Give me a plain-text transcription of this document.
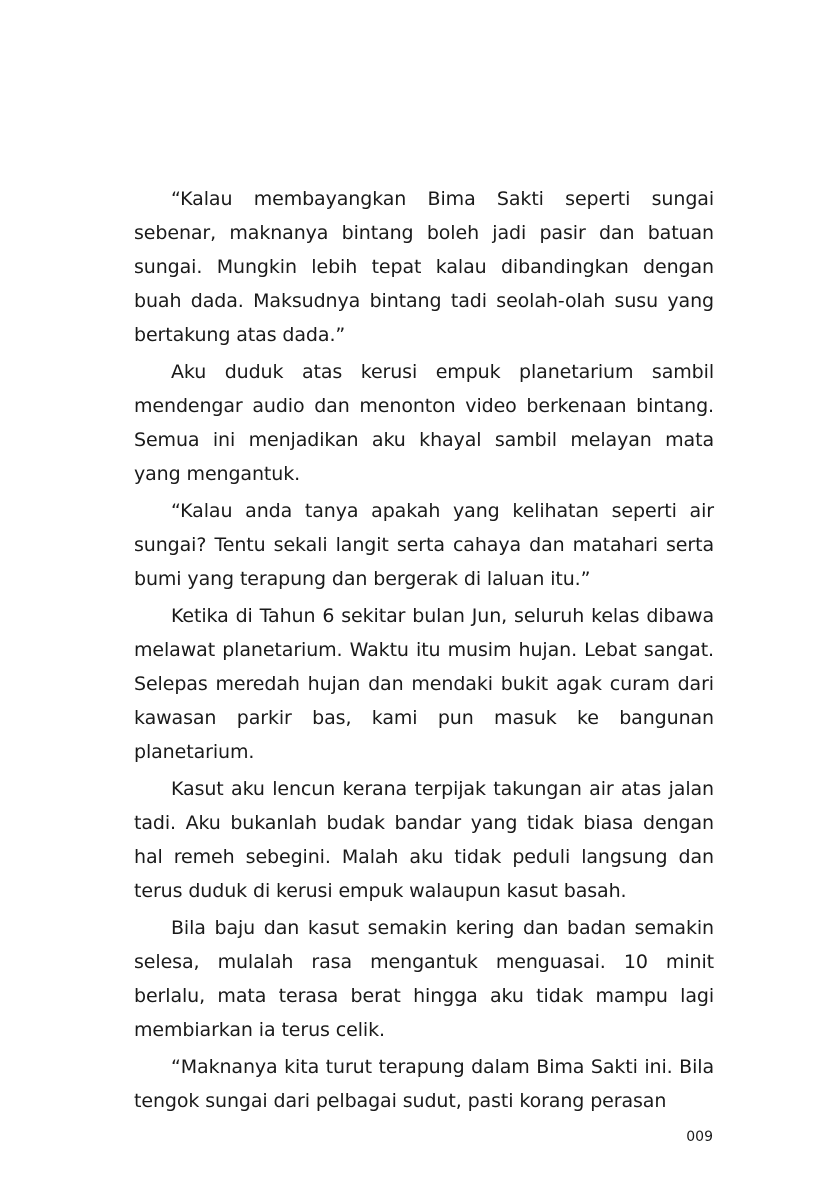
“Kalau membayangkan Bima Sakti seperti sungai sebenar, maknanya bintang boleh jadi pasir dan batuan sungai. Mungkin lebih tepat kalau dibandingkan dengan buah dada. Maksudnya bintang tadi seolah-olah susu yang bertakung atas dada.”

Aku duduk atas kerusi empuk planetarium sambil mendengar audio dan menonton video berkenaan bintang. Semua ini menjadikan aku khayal sambil melayan mata yang mengantuk.

“Kalau anda tanya apakah yang kelihatan seperti air sungai? Tentu sekali langit serta cahaya dan matahari serta bumi yang terapung dan bergerak di laluan itu.”

Ketika di Tahun 6 sekitar bulan Jun, seluruh kelas dibawa melawat planetarium. Waktu itu musim hujan. Lebat sangat. Selepas meredah hujan dan mendaki bukit agak curam dari kawasan parkir bas, kami pun masuk ke bangunan planetarium.

Kasut aku lencun kerana terpijak takungan air atas jalan tadi. Aku bukanlah budak bandar yang tidak biasa dengan hal remeh sebegini. Malah aku tidak peduli langsung dan terus duduk di kerusi empuk walaupun kasut basah.

Bila baju dan kasut semakin kering dan badan semakin selesa, mulalah rasa mengantuk menguasai. 10 minit berlalu, mata terasa berat hingga aku tidak mampu lagi membiarkan ia terus celik.

“Maknanya kita turut terapung dalam Bima Sakti ini. Bila tengok sungai dari pelbagai sudut, pasti korang perasan

009
